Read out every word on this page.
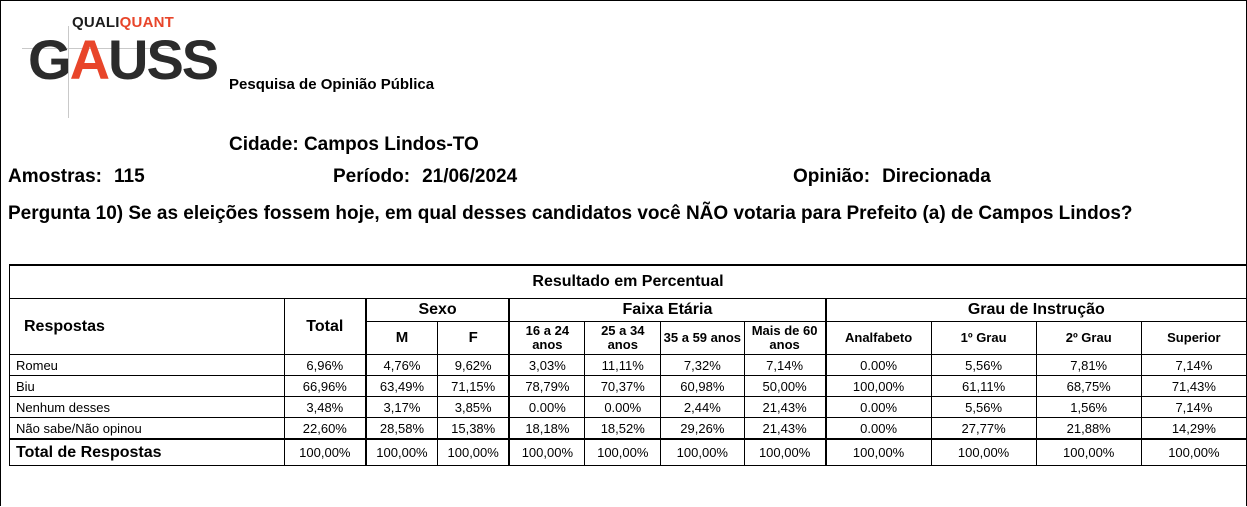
QUALIQUANT
GAUSS Pesquisa de Opinião Pública
Cidade: Campos Lindos-TO
Amostras: 115	Período: 21/06/2024	Opinião: Direcionada
Pergunta 10) Se as eleições fossem hoje, em qual desses candidatos você NÃO votaria para Prefeito (a) de Campos Lindos?
Resultado em Percentual											
Respostas	Total	Sexo		Faixa Etária				Grau de Instrução			
		M	F	16 a 24 anos	25 a 34 anos	35 a 59 anos	Mais de 60 anos	Analfabeto	1º Grau	2º Grau	Superior
Romeu	6,96%	4,76%	9,62%	3,03%	11,11%	7,32%	7,14%	0.00%	5,56%	7,81%	7,14%
Biu	66,96%	63,49%	71,15%	78,79%	70,37%	60,98%	50,00%	100,00%	61,11%	68,75%	71,43%
Nenhum desses	3,48%	3,17%	3,85%	0.00%	0.00%	2,44%	21,43%	0.00%	5,56%	1,56%	7,14%
Não sabe/Não opinou	22,60%	28,58%	15,38%	18,18%	18,52%	29,26%	21,43%	0.00%	27,77%	21,88%	14,29%
Total de Respostas	100,00%	100,00%	100,00%	100,00%	100,00%	100,00%	100,00%	100,00%	100,00%	100,00%	100,00%
